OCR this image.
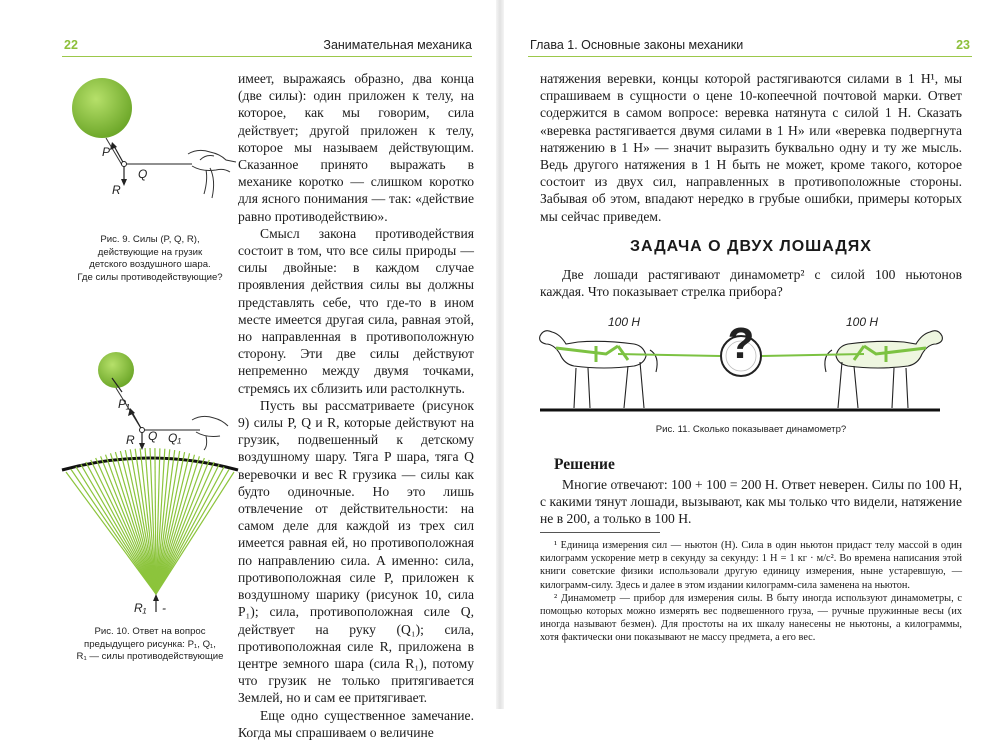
22	Занимательная механика
P
Q
R
Рис. 9. Силы (P, Q, R),
действующие на грузик
детского воздушного шара.
Где силы противодействующие?
P₁
Q Q₁
R
R₁ -
Рис. 10. Ответ на вопрос
предыдущего рисунка: P₁, Q₁,
R₁ — силы противодействующие

имеет, выражаясь образно, два конца (две силы): один приложен к телу, на которое, как мы говорим, сила действует; другой приложен к телу, которое мы называем действующим. Сказанное принято выражать в механике коротко — слишком коротко для ясного понимания — так: «действие равно противодействию».

Смысл закона противодействия состоит в том, что все силы природы — силы двойные: в каждом случае проявления действия силы вы должны представлять себе, что где-то в ином месте имеется другая сила, равная этой, но направленная в противоположную сторону. Эти две силы действуют непременно между двумя точками, стремясь их сблизить или растолкнуть.

Пусть вы рассматриваете (рисунок 9) силы P, Q и R, которые действуют на грузик, подвешенный к детскому воздушному шару. Тяга P шара, тяга Q веревочки и вес R грузика — силы как будто одиночные. Но это лишь отвлечение от действительности: на самом деле для каждой из трех сил имеется равная ей, но противоположная по направлению сила. А именно: сила, противоположная силе P, приложен к воздушному шарику (рисунок 10, сила P₁); сила, противоположная силе Q, действует на руку (Q₁); сила, противоположная силе R, приложена в центре земного шара (сила R₁), потому что грузик не только притягивается Землей, но и сам ее притягивает.

Еще одно существенное замечание. Когда мы спрашиваем о величине

Глава 1. Основные законы механики	23

натяжения веревки, концы которой растягиваются силами в 1 Н¹, мы спрашиваем в сущности о цене 10-копеечной почтовой марки. Ответ содержится в самом вопросе: веревка натянута с силой 1 Н. Сказать «веревка растягивается двумя силами в 1 Н» или «веревка подвергнута натяжению в 1 Н» — значит выразить буквально одну и ту же мысль. Ведь другого натяжения в 1 Н быть не может, кроме такого, которое состоит из двух сил, направленных в противоположные стороны. Забывая об этом, впадают нередко в грубые ошибки, примеры которых мы сейчас приведем.

ЗАДАЧА О ДВУХ ЛОШАДЯХ

Две лошади растягивают динамометр² с силой 100 ньютонов каждая. Что показывает стрелка прибора?

?
100 Н	100 Н
Рис. 11. Сколько показывает динамометр?
Решение

Многие отвечают: 100 + 100 = 200 Н. Ответ неверен. Силы по 100 Н, с какими тянут лошади, вызывают, как мы только что видели, натяжение не в 200, а только в 100 Н.

¹ Единица измерения сил — ньютон (Н). Сила в один ньютон придаст телу массой в один килограмм ускорение метр в секунду за секунду: 1 Н = 1 кг · м/с². Во времена написания этой книги советские физики использовали другую единицу измерения, ныне устаревшую, — килограмм-силу. Здесь и далее в этом издании килограмм-сила заменена на ньютон.

² Динамометр — прибор для измерения силы. В быту иногда используют динамометры, с помощью которых можно измерять вес подвешенного груза, — ручные пружинные весы (их иногда называют безмен). Для простоты на их шкалу нанесены не ньютоны, а килограммы, хотя фактически они показывают не массу предмета, а его вес.
